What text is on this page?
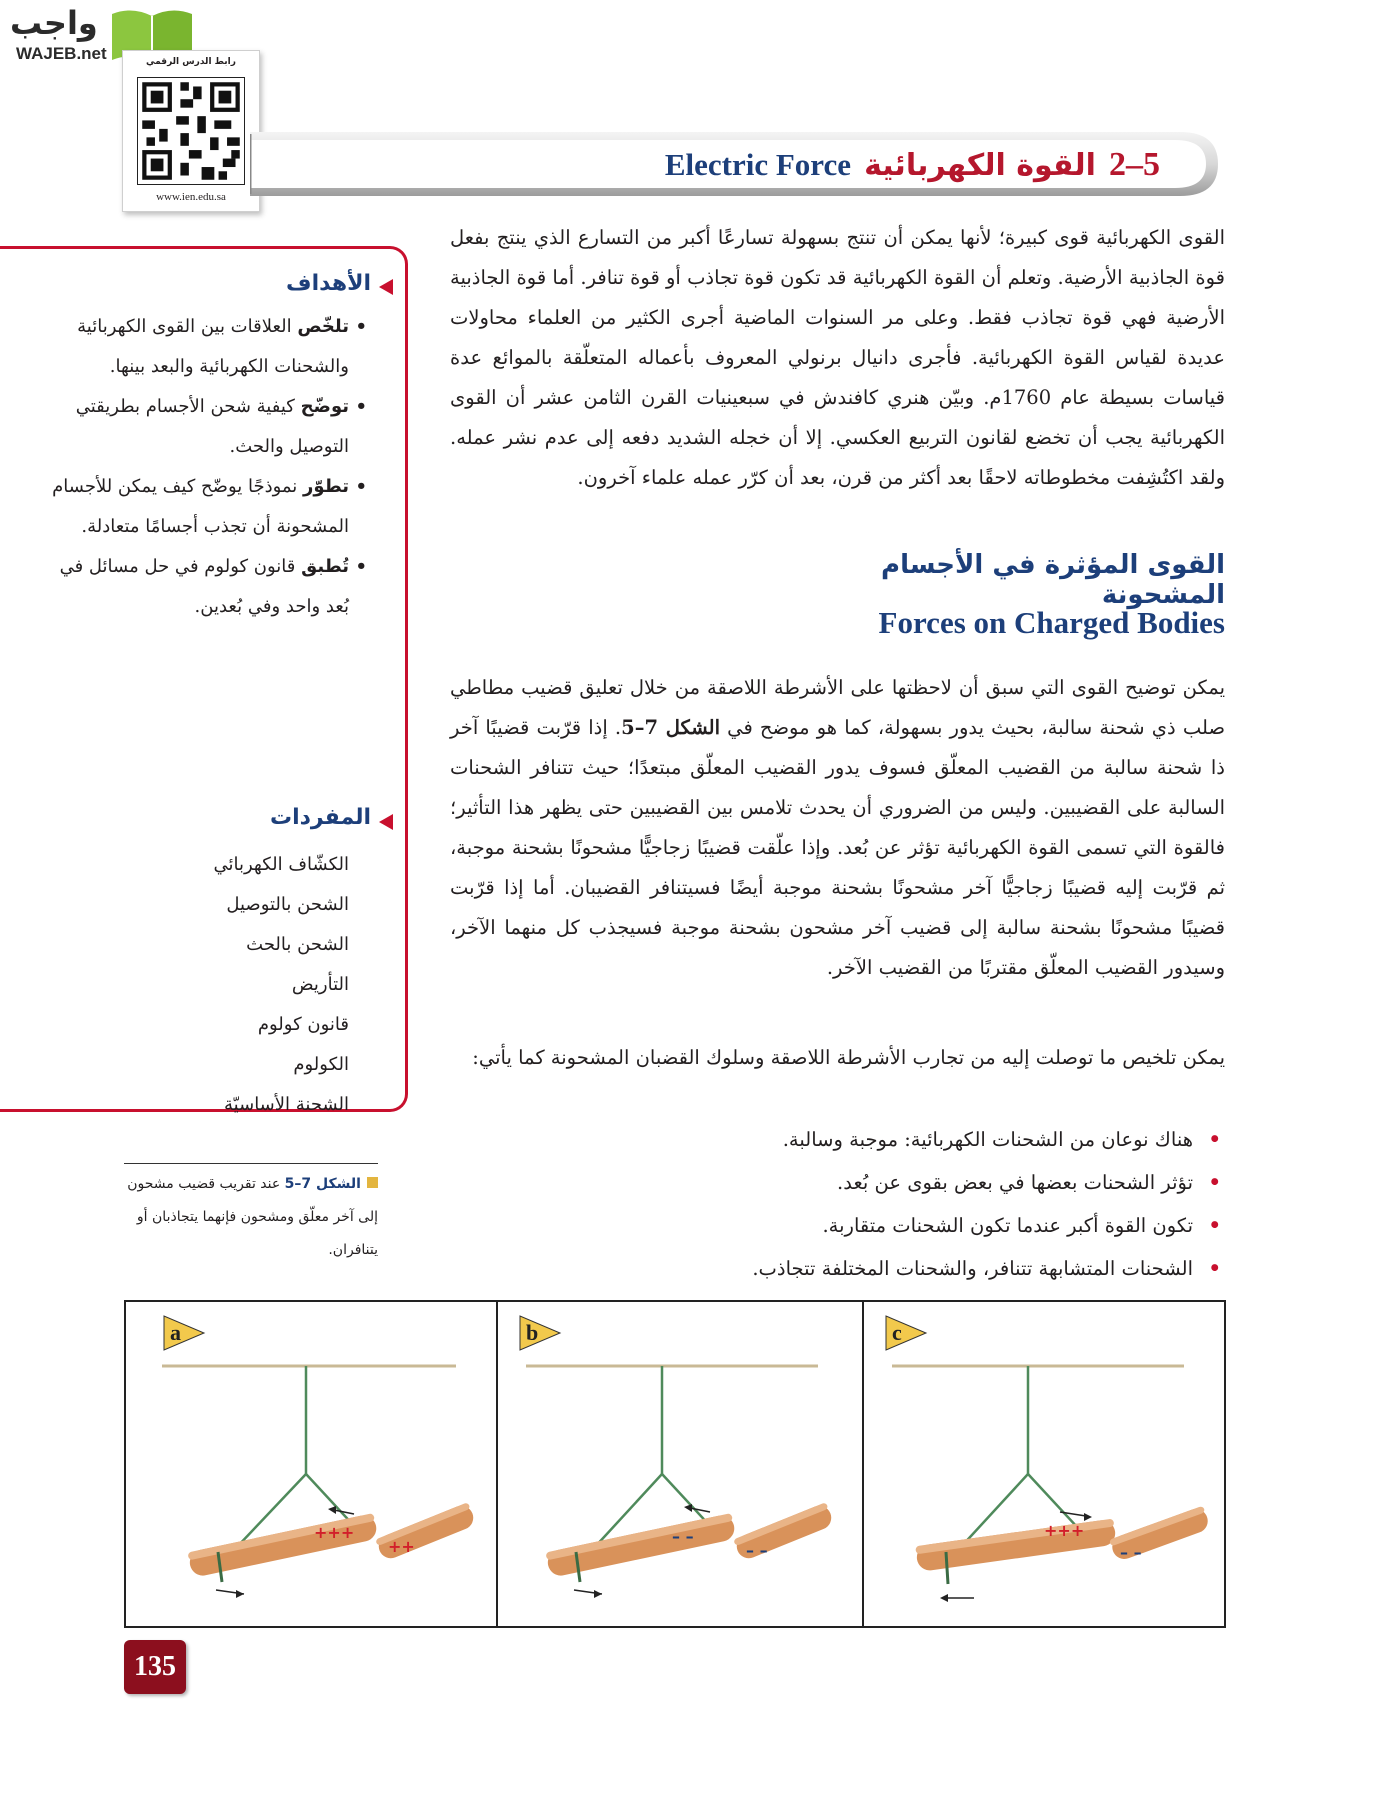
واجب
WAJEB.net	رابط الدرس الرقمي
www.ien.edu.sa
5–2 القوة الكهربائية Electric Force

القوى الكهربائية قوى كبيرة؛ لأنها يمكن أن تنتج بسهولة تسارعًا أكبر من التسارع الذي ينتج بفعل قوة الجاذبية الأرضية. وتعلم أن القوة الكهربائية قد تكون قوة تجاذب أو قوة تنافر. أما قوة الجاذبية الأرضية فهي قوة تجاذب فقط. وعلى مر السنوات الماضية أجرى الكثير من العلماء محاولات عديدة لقياس القوة الكهربائية. فأجرى دانيال برنولي المعروف بأعماله المتعلّقة بالموائع عدة قياسات بسيطة عام 1760م. وبيّن هنري كافندش في سبعينيات القرن الثامن عشر أن القوى الكهربائية يجب أن تخضع لقانون التربيع العكسي. إلا أن خجله الشديد دفعه إلى عدم نشر عمله. ولقد اكتُشِفت مخطوطاته لاحقًا بعد أكثر من قرن، بعد أن كرّر عمله علماء آخرون.

القوى المؤثرة في الأجسام المشحونة
Forces on Charged Bodies

يمكن توضيح القوى التي سبق أن لاحظتها على الأشرطة اللاصقة من خلال تعليق قضيب مطاطي صلب ذي شحنة سالبة، بحيث يدور بسهولة، كما هو موضح في الشكل 7–5. إذا قرّبت قضيبًا آخر ذا شحنة سالبة من القضيب المعلّق فسوف يدور القضيب المعلّق مبتعدًا؛ حيث تتنافر الشحنات السالبة على القضيبين. وليس من الضروري أن يحدث تلامس بين القضيبين حتى يظهر هذا التأثير؛ فالقوة التي تسمى القوة الكهربائية تؤثر عن بُعد. وإذا علّقت قضيبًا زجاجيًّا مشحونًا بشحنة موجبة، ثم قرّبت إليه قضيبًا زجاجيًّا آخر مشحونًا بشحنة موجبة أيضًا فسيتنافر القضيبان. أما إذا قرّبت قضيبًا مشحونًا بشحنة سالبة إلى قضيب آخر مشحون بشحنة موجبة فسيجذب كل منهما الآخر، وسيدور القضيب المعلّق مقتربًا من القضيب الآخر.

يمكن تلخيص ما توصلت إليه من تجارب الأشرطة اللاصقة وسلوك القضبان المشحونة كما يأتي:

•
هناك نوعان من الشحنات الكهربائية: موجبة وسالبة.
•
تؤثر الشحنات بعضها في بعض بقوى عن بُعد.
•
تكون القوة أكبر عندما تكون الشحنات متقاربة.
•
الشحنات المتشابهة تتنافر، والشحنات المختلفة تتجاذب.
الأهداف
•
تلخّص العلاقات بين القوى الكهربائية والشحنات الكهربائية والبعد بينها.
•
توضّح كيفية شحن الأجسام بطريقتي التوصيل والحث.
•
تطوّر نموذجًا يوضّح كيف يمكن للأجسام المشحونة أن تجذب أجسامًا متعادلة.
•
تُطبق قانون كولوم في حل مسائل في بُعد واحد وفي بُعدين.
المفردات
الكشّاف الكهربائي
الشحن بالتوصيل
الشحن بالحث
التأريض
قانون كولوم
الكولوم
الشحنة الأساسيّة
الشكل 7–5 عند تقريب قضيب مشحون إلى آخر معلّق ومشحون فإنهما يتجاذبان أو يتنافران.
a
+++
++
b
– –
– –
c
+++
– –
135
